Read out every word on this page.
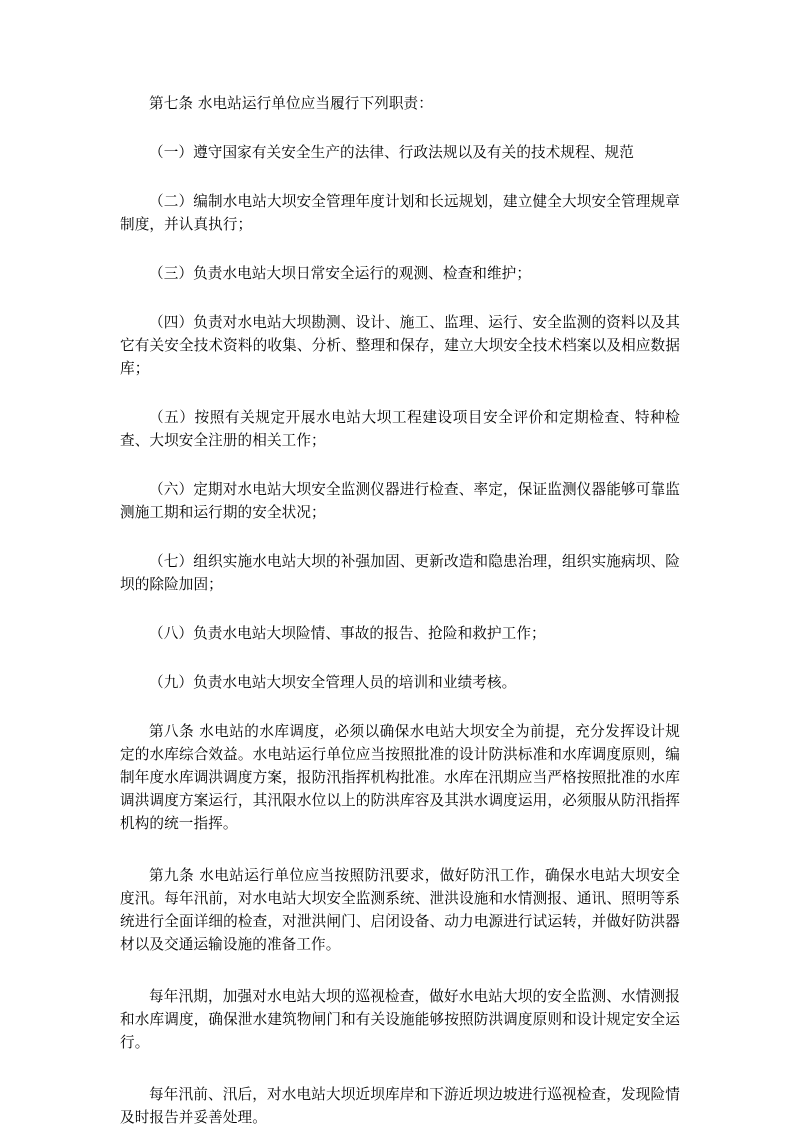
第七条 水电站运行单位应当履行下列职责：

（一）遵守国家有关安全生产的法律、行政法规以及有关的技术规程、规范

（二）编制水电站大坝安全管理年度计划和长远规划，建立健全大坝安全管理规章制度，并认真执行；

（三）负责水电站大坝日常安全运行的观测、检查和维护；

（四）负责对水电站大坝勘测、设计、施工、监理、运行、安全监测的资料以及其它有关安全技术资料的收集、分析、整理和保存，建立大坝安全技术档案以及相应数据库；

（五）按照有关规定开展水电站大坝工程建设项目安全评价和定期检查、特种检查、大坝安全注册的相关工作；

（六）定期对水电站大坝安全监测仪器进行检查、率定，保证监测仪器能够可靠监测施工期和运行期的安全状况；

（七）组织实施水电站大坝的补强加固、更新改造和隐患治理，组织实施病坝、险坝的除险加固；

（八）负责水电站大坝险情、事故的报告、抢险和救护工作；

（九）负责水电站大坝安全管理人员的培训和业绩考核。

第八条 水电站的水库调度，必须以确保水电站大坝安全为前提，充分发挥设计规定的水库综合效益。水电站运行单位应当按照批准的设计防洪标准和水库调度原则，编制年度水库调洪调度方案，报防汛指挥机构批准。水库在汛期应当严格按照批准的水库调洪调度方案运行，其汛限水位以上的防洪库容及其洪水调度运用，必须服从防汛指挥机构的统一指挥。

第九条 水电站运行单位应当按照防汛要求，做好防汛工作，确保水电站大坝安全度汛。每年汛前，对水电站大坝安全监测系统、泄洪设施和水情测报、通讯、照明等系统进行全面详细的检查，对泄洪闸门、启闭设备、动力电源进行试运转，并做好防洪器材以及交通运输设施的准备工作。

每年汛期，加强对水电站大坝的巡视检查，做好水电站大坝的安全监测、水情测报和水库调度，确保泄水建筑物闸门和有关设施能够按照防洪调度原则和设计规定安全运行。

每年汛前、汛后，对水电站大坝近坝库岸和下游近坝边坡进行巡视检查，发现险情及时报告并妥善处理。
